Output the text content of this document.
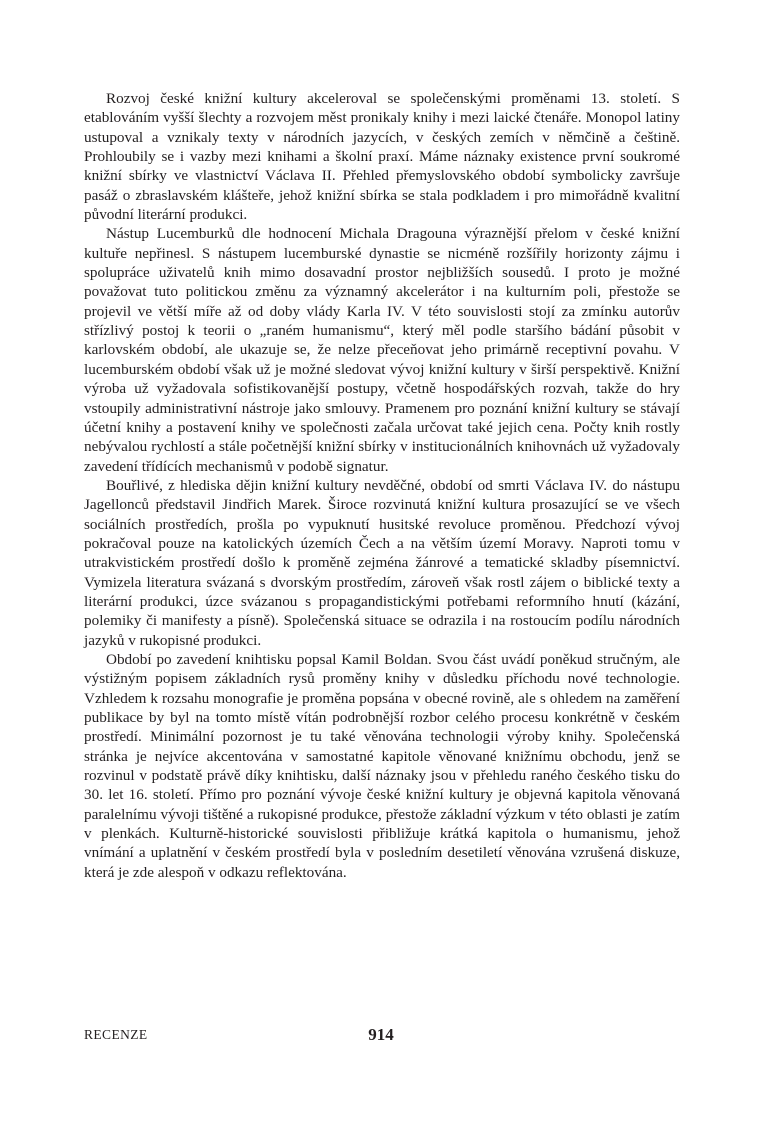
Rozvoj české knižní kultury akceleroval se společenskými proměnami 13. století. S etablováním vyšší šlechty a rozvojem měst pronikaly knihy i mezi laické čtenáře. Monopol latiny ustupoval a vznikaly texty v národních jazycích, v českých zemích v němčině a češtině. Prohloubily se i vazby mezi knihami a školní praxí. Máme náznaky existence první soukromé knižní sbírky ve vlastnictví Václava II. Přehled přemyslovského období symbolicky završuje pasáž o zbraslavském klášteře, jehož knižní sbírka se stala podkladem i pro mimořádně kvalitní původní literární produkci.

Nástup Lucemburků dle hodnocení Michala Dragouna výraznější přelom v české knižní kultuře nepřinesl. S nástupem lucemburské dynastie se nicméně rozšířily horizonty zájmu i spolupráce uživatelů knih mimo dosavadní prostor nejbližších sousedů. I proto je možné považovat tuto politickou změnu za významný akcelerátor i na kulturním poli, přestože se projevil ve větší míře až od doby vlády Karla IV. V této souvislosti stojí za zmínku autorův střízlivý postoj k teorii o „raném humanismu“, který měl podle staršího bádání působit v karlovském období, ale ukazuje se, že nelze přeceňovat jeho primárně receptivní povahu. V lucemburském období však už je možné sledovat vývoj knižní kultury v širší perspektivě. Knižní výroba už vyžadovala sofistikovanější postupy, včetně hospodářských rozvah, takže do hry vstoupily administrativní nástroje jako smlouvy. Pramenem pro poznání knižní kultury se stávají účetní knihy a postavení knihy ve společnosti začala určovat také jejich cena. Počty knih rostly nebývalou rychlostí a stále početnější knižní sbírky v institucionálních knihovnách už vyžadovaly zavedení třídících mechanismů v podobě signatur.

Bouřlivé, z hlediska dějin knižní kultury nevděčné, období od smrti Václava IV. do nástupu Jagellonců představil Jindřich Marek. Široce rozvinutá knižní kultura prosazující se ve všech sociálních prostředích, prošla po vypuknutí husitské revoluce proměnou. Předchozí vývoj pokračoval pouze na katolických územích Čech a na větším území Moravy. Naproti tomu v utrakvistickém prostředí došlo k proměně zejména žánrové a tematické skladby písemnictví. Vymizela literatura svázaná s dvorským prostředím, zároveň však rostl zájem o biblické texty a literární produkci, úzce svázanou s propagandistickými potřebami reformního hnutí (kázání, polemiky či manifesty a písně). Společenská situace se odrazila i na rostoucím podílu národních jazyků v rukopisné produkci.

Období po zavedení knihtisku popsal Kamil Boldan. Svou část uvádí poněkud stručným, ale výstižným popisem základních rysů proměny knihy v důsledku příchodu nové technologie. Vzhledem k rozsahu monografie je proměna popsána v obecné rovině, ale s ohledem na zaměření publikace by byl na tomto místě vítán podrobnější rozbor celého procesu konkrétně v českém prostředí. Minimální pozornost je tu také věnována technologii výroby knihy. Společenská stránka je nejvíce akcentována v samostatné kapitole věnované knižnímu obchodu, jenž se rozvinul v podstatě právě díky knihtisku, další náznaky jsou v přehledu raného českého tisku do 30. let 16. století. Přímo pro poznání vývoje české knižní kultury je objevná kapitola věnovaná paralelnímu vývoji tištěné a rukopisné produkce, přestože základní výzkum v této oblasti je zatím v plenkách. Kulturně-historické souvislosti přibližuje krátká kapitola o humanismu, jehož vnímání a uplatnění v českém prostředí byla v posledním desetiletí věnována vzrušená diskuze, která je zde alespoň v odkazu reflektována.

RECENZE	914
